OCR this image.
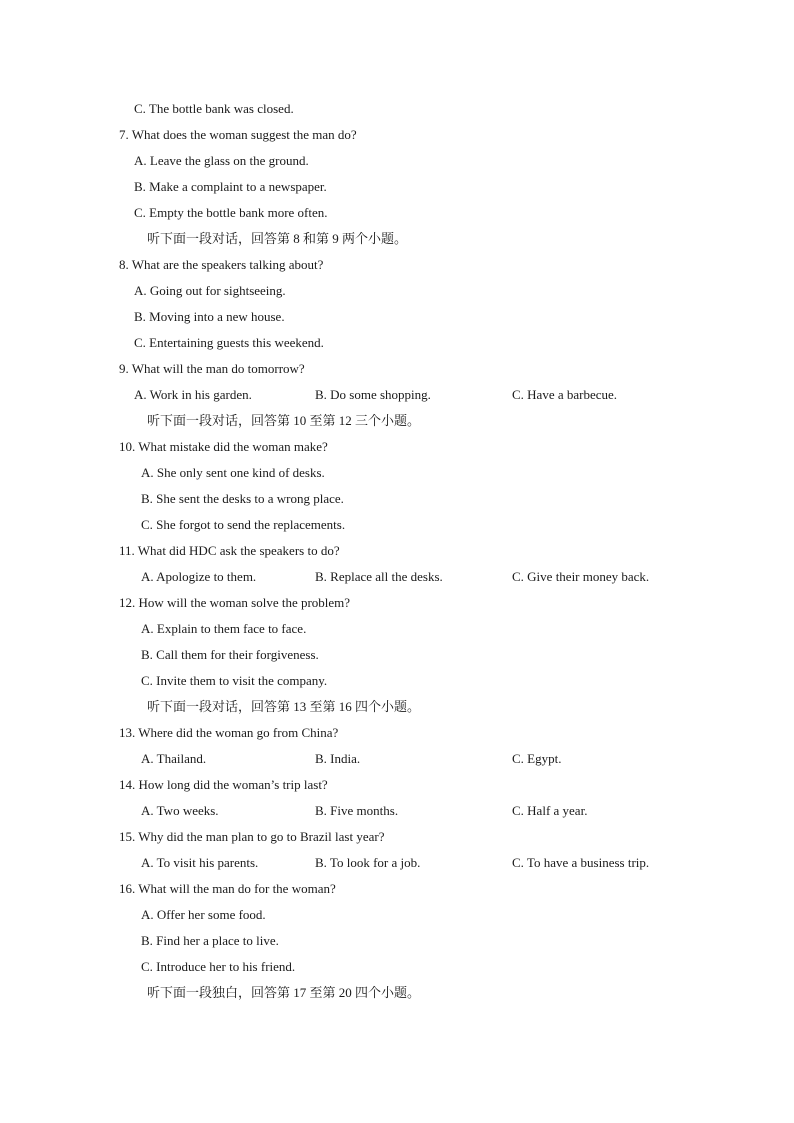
C. The bottle bank was closed.
7. What does the woman suggest the man do?
A. Leave the glass on the ground.
B. Make a complaint to a newspaper.
C. Empty the bottle bank more often.
听下面一段对话，回答第 8 和第 9 两个小题。
8. What are the speakers talking about?
A. Going out for sightseeing.
B. Moving into a new house.
C. Entertaining guests this weekend.
9. What will the man do tomorrow?
A. Work in his garden.	B. Do some shopping.	C. Have a barbecue.
听下面一段对话，回答第 10 至第 12 三个小题。
10. What mistake did the woman make?
A. She only sent one kind of desks.
B. She sent the desks to a wrong place.
C. She forgot to send the replacements.
11. What did HDC ask the speakers to do?
A. Apologize to them.	B. Replace all the desks.	C. Give their money back.
12. How will the woman solve the problem?
A. Explain to them face to face.
B. Call them for their forgiveness.
C. Invite them to visit the company.
听下面一段对话，回答第 13 至第 16 四个小题。
13. Where did the woman go from China?
A. Thailand.	B. India.	C. Egypt.
14. How long did the woman’s trip last?
A. Two weeks.	B. Five months.	C. Half a year.
15. Why did the man plan to go to Brazil last year?
A. To visit his parents.	B. To look for a job.	C. To have a business trip.
16. What will the man do for the woman?
A. Offer her some food.
B. Find her a place to live.
C. Introduce her to his friend.
听下面一段独白，回答第 17 至第 20 四个小题。
